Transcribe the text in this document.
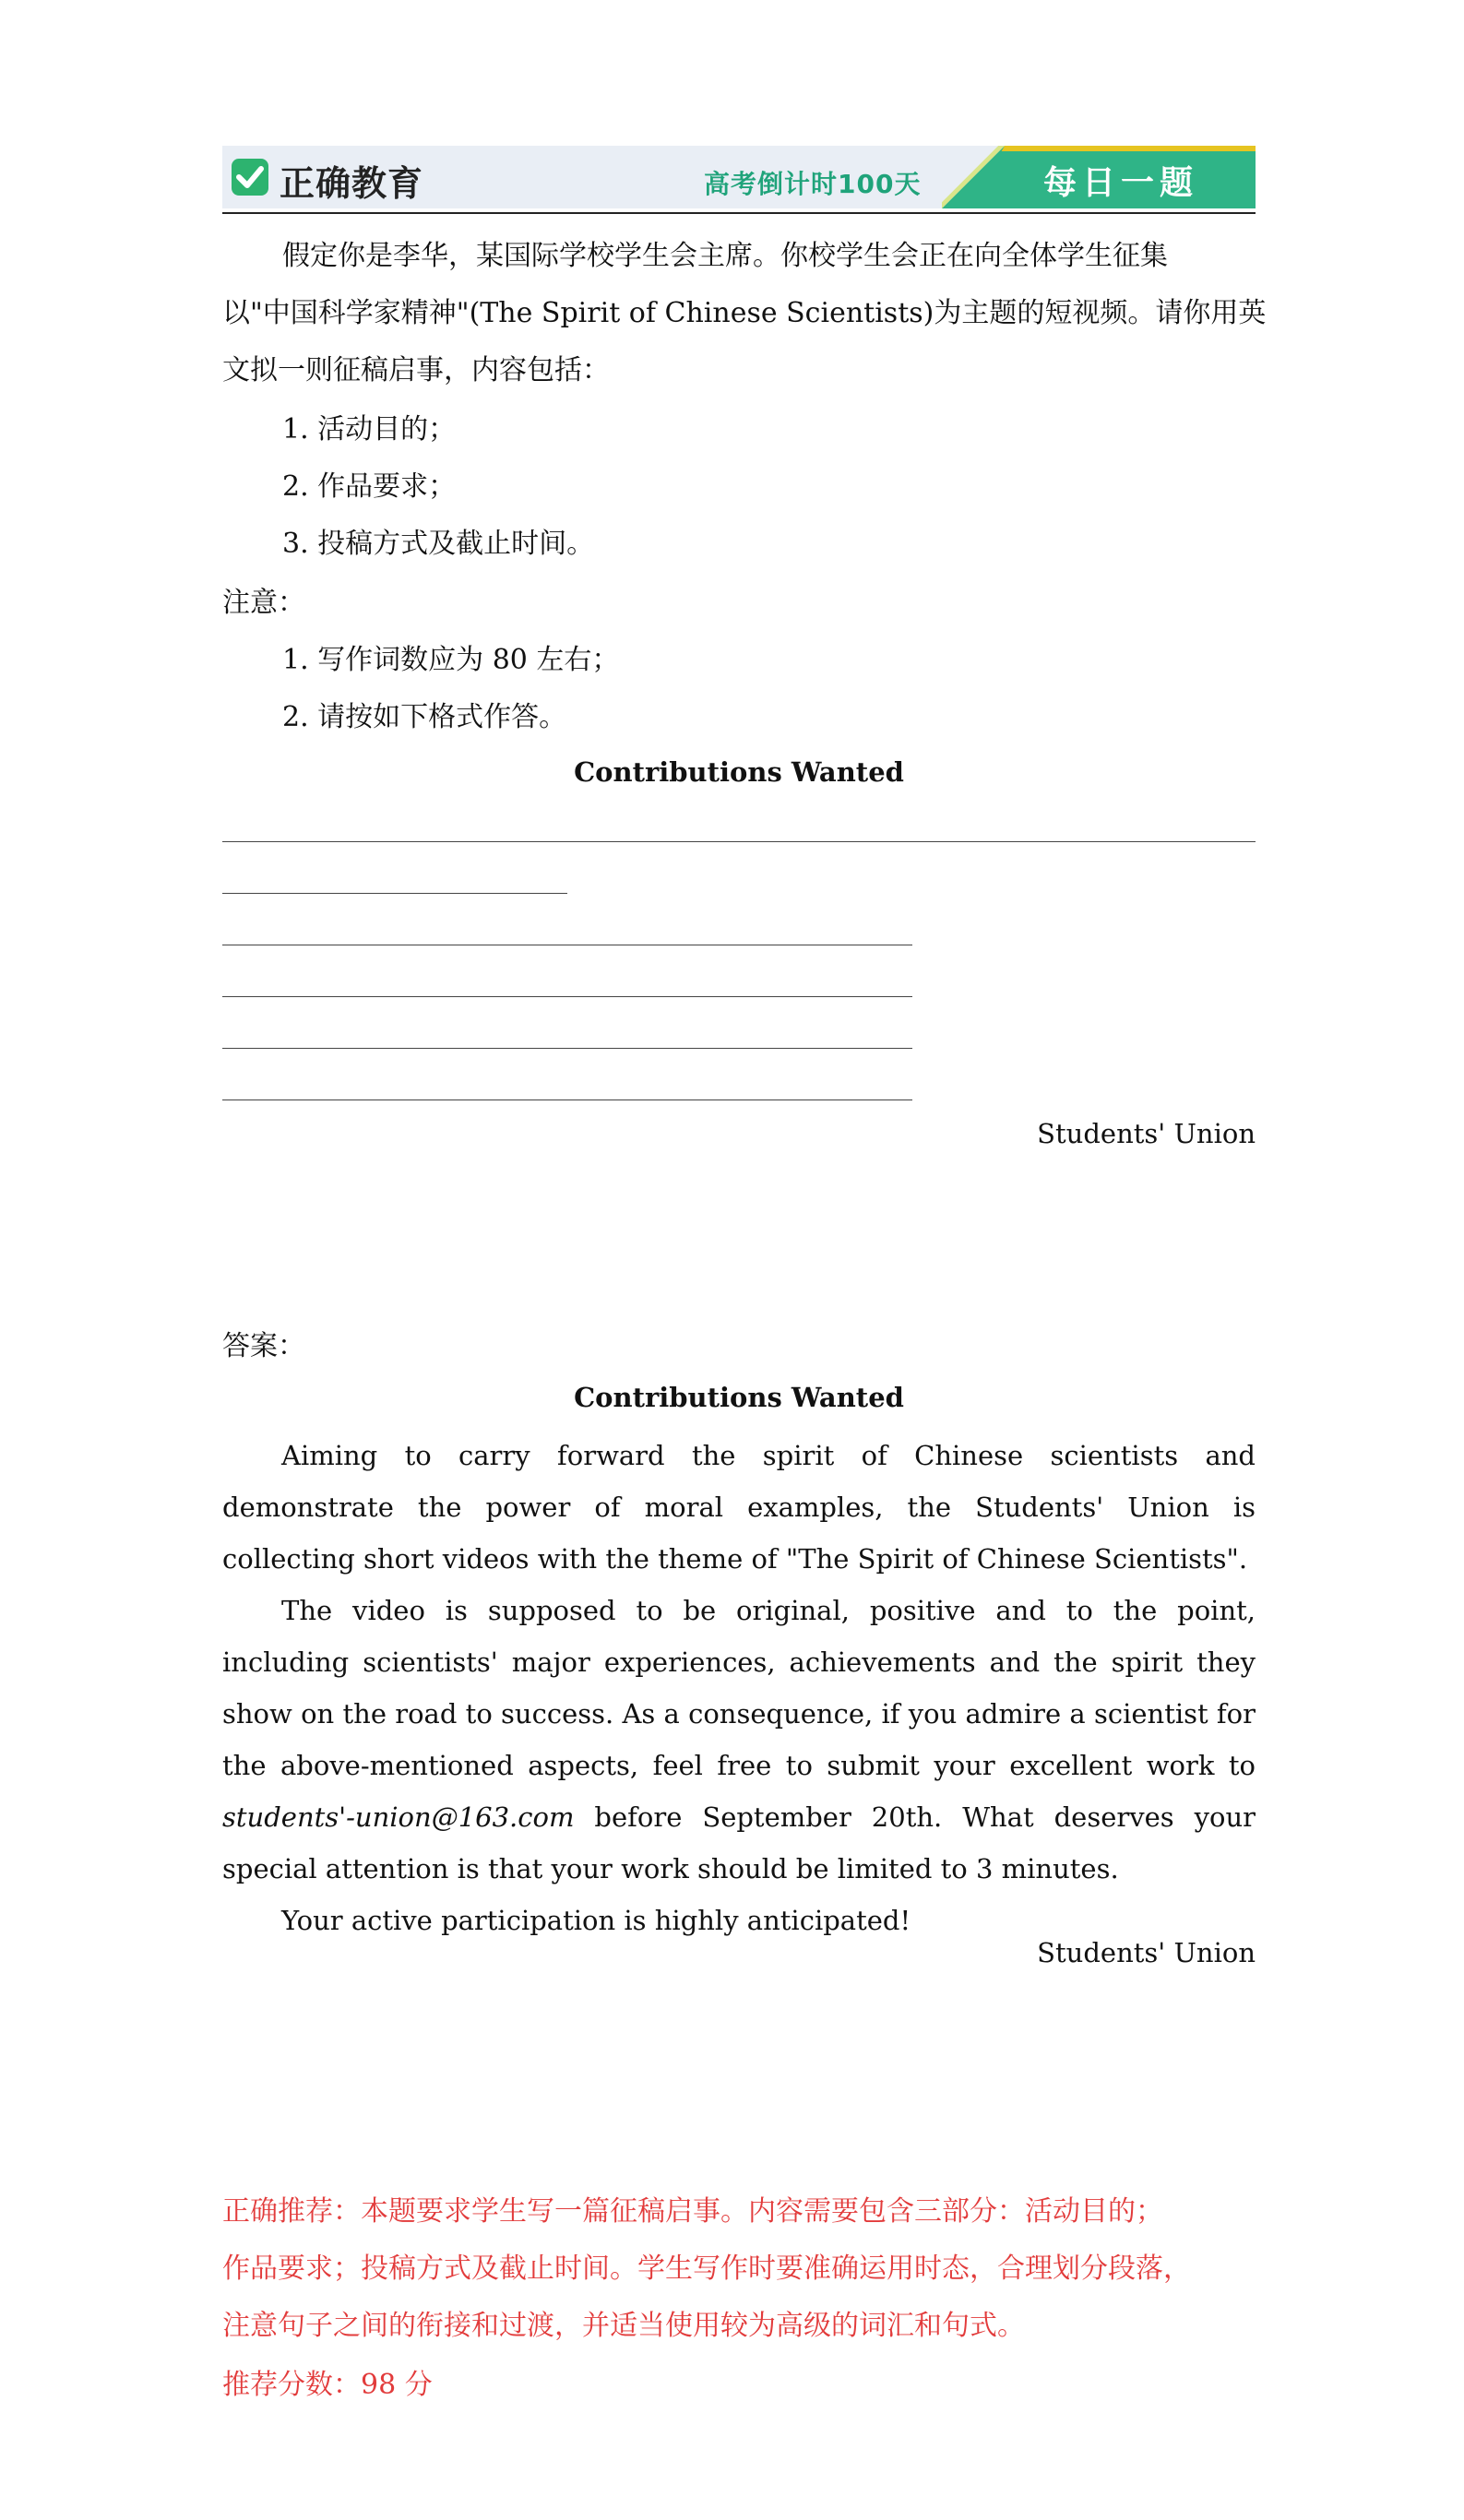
正确教育	高考倒计时100天	每日一题
假定你是李华，某国际学校学生会主席。你校学生会正在向全体学生征集
以"中国科学家精神"(The Spirit of Chinese Scientists)为主题的短视频。请你用英
文拟一则征稿启事，内容包括：
1. 活动目的；
2. 作品要求；
3. 投稿方式及截止时间。
注意：
1. 写作词数应为 80 左右；
2. 请按如下格式作答。
Contributions Wanted
Students' Union
答案：
Contributions Wanted

Aiming to carry forward the spirit of Chinese scientists and demonstrate the power of moral examples, the Students' Union is collecting short videos with the theme of "The Spirit of Chinese Scientists".

The video is supposed to be original, positive and to the point, including scientists' major experiences, achievements and the spirit they show on the road to success. As a consequence, if you admire a scientist for the above-mentioned aspects, feel free to submit your excellent work to students'-union@163.com before September 20th. What deserves your special attention is that your work should be limited to 3 minutes.

Your active participation is highly anticipated!

Students' Union
正确推荐：本题要求学生写一篇征稿启事。内容需要包含三部分：活动目的；
作品要求；投稿方式及截止时间。学生写作时要准确运用时态，合理划分段落，
注意句子之间的衔接和过渡，并适当使用较为高级的词汇和句式。
推荐分数：98 分
